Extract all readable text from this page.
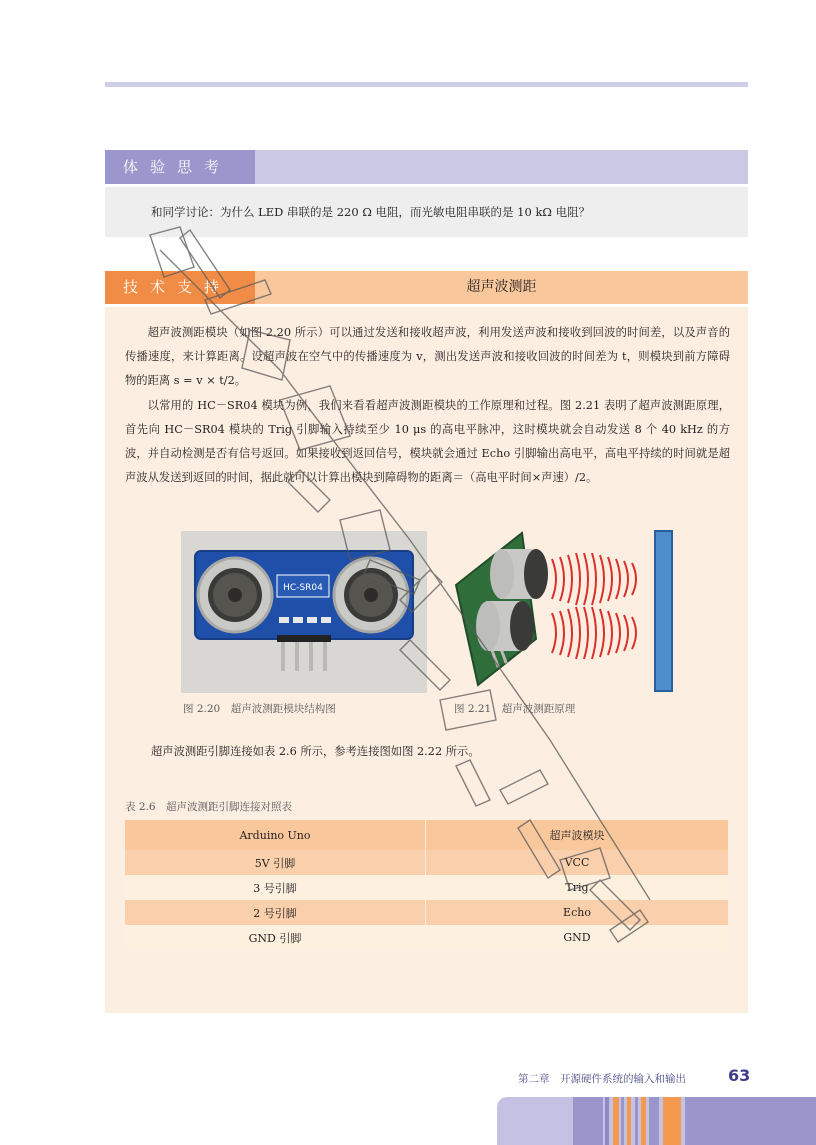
体验思考
和同学讨论：为什么 LED 串联的是 220 Ω 电阻，而光敏电阻串联的是 10 kΩ 电阻？
技术支持	超声波测距

超声波测距模块（如图 2.20 所示）可以通过发送和接收超声波，利用发送声波和接收到回波的时间差，以及声音的传播速度，来计算距离。设超声波在空气中的传播速度为 v，测出发送声波和接收回波的时间差为 t，则模块到前方障碍物的距离 s = v × t/2。

以常用的 HC－SR04 模块为例，我们来看看超声波测距模块的工作原理和过程。图 2.21 表明了超声波测距原理，首先向 HC－SR04 模块的 Trig 引脚输入持续至少 10 μs 的高电平脉冲，这时模块就会自动发送 8 个 40 kHz 的方波，并自动检测是否有信号返回。如果接收到返回信号，模块就会通过 Echo 引脚输出高电平，高电平持续的时间就是超声波从发送到返回的时间，据此就可以计算出模块到障碍物的距离＝（高电平时间×声速）/2。

HC-SR04
图 2.20　超声波测距模块结构图	图 2.21　超声波测距原理

超声波测距引脚连接如表 2.6 所示，参考连接图如图 2.22 所示。

表 2.6　超声波测距引脚连接对照表
Arduino Uno	超声波模块
5V 引脚	VCC
3 号引脚	Trig
2 号引脚	Echo
GND 引脚	GND
第二章　开源硬件系统的输入和输出	63
